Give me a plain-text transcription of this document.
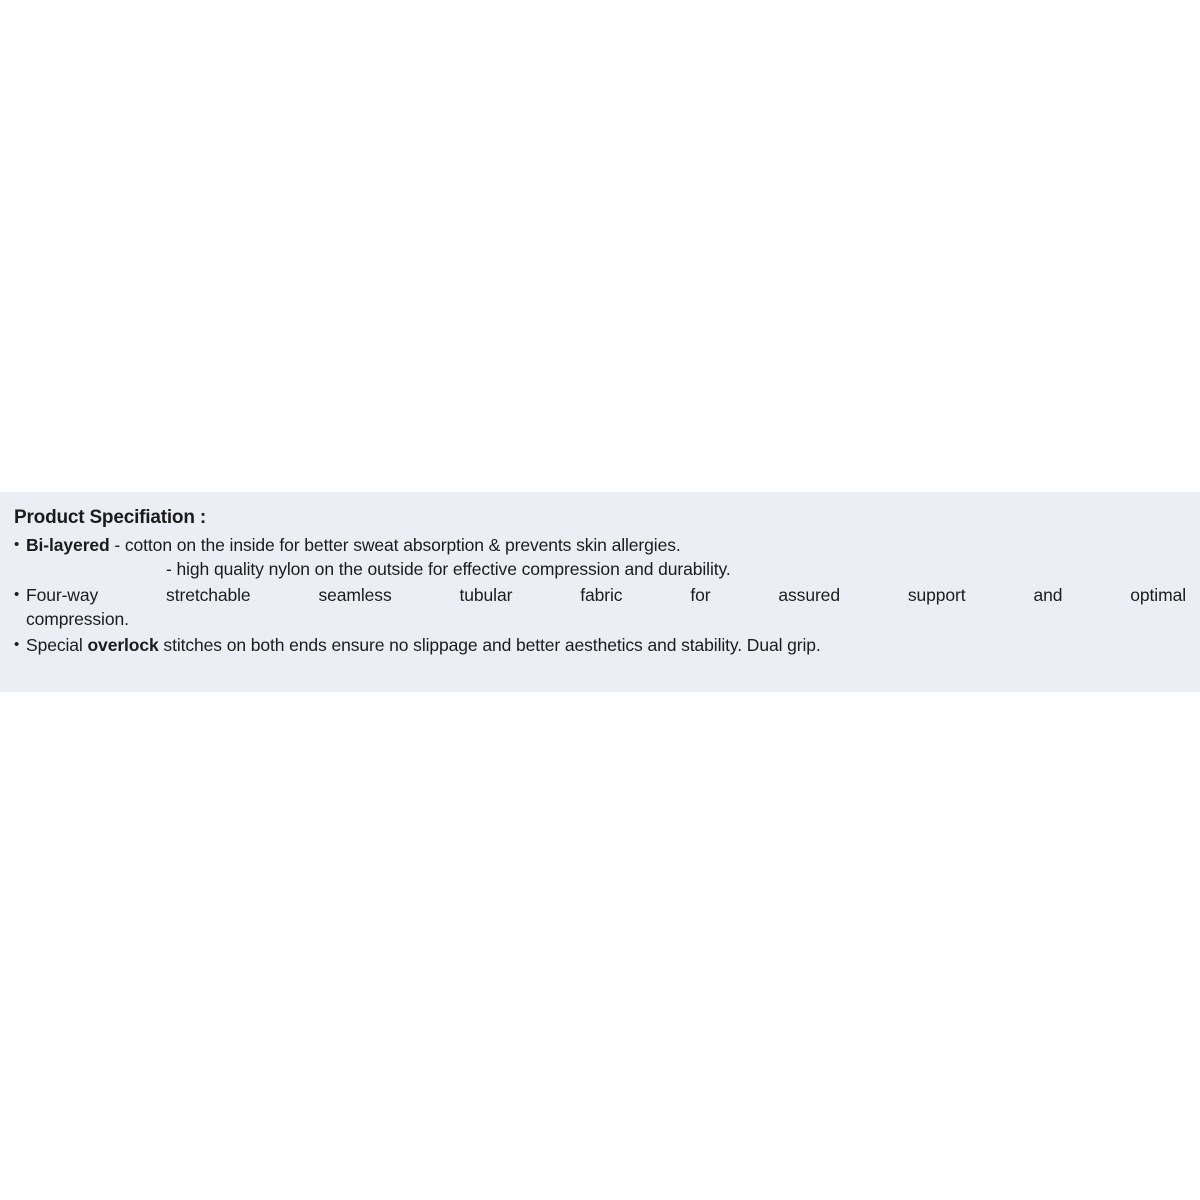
Product Specifiation :
• Bi-layered - cotton on the inside for better sweat absorption & prevents skin allergies.
- high quality nylon on the outside for effective compression and durability.
• Four-way stretchable seamless tubular fabric for assured support and optimal
compression.
• Special overlock stitches on both ends ensure no slippage and better aesthetics and stability. Dual grip.
